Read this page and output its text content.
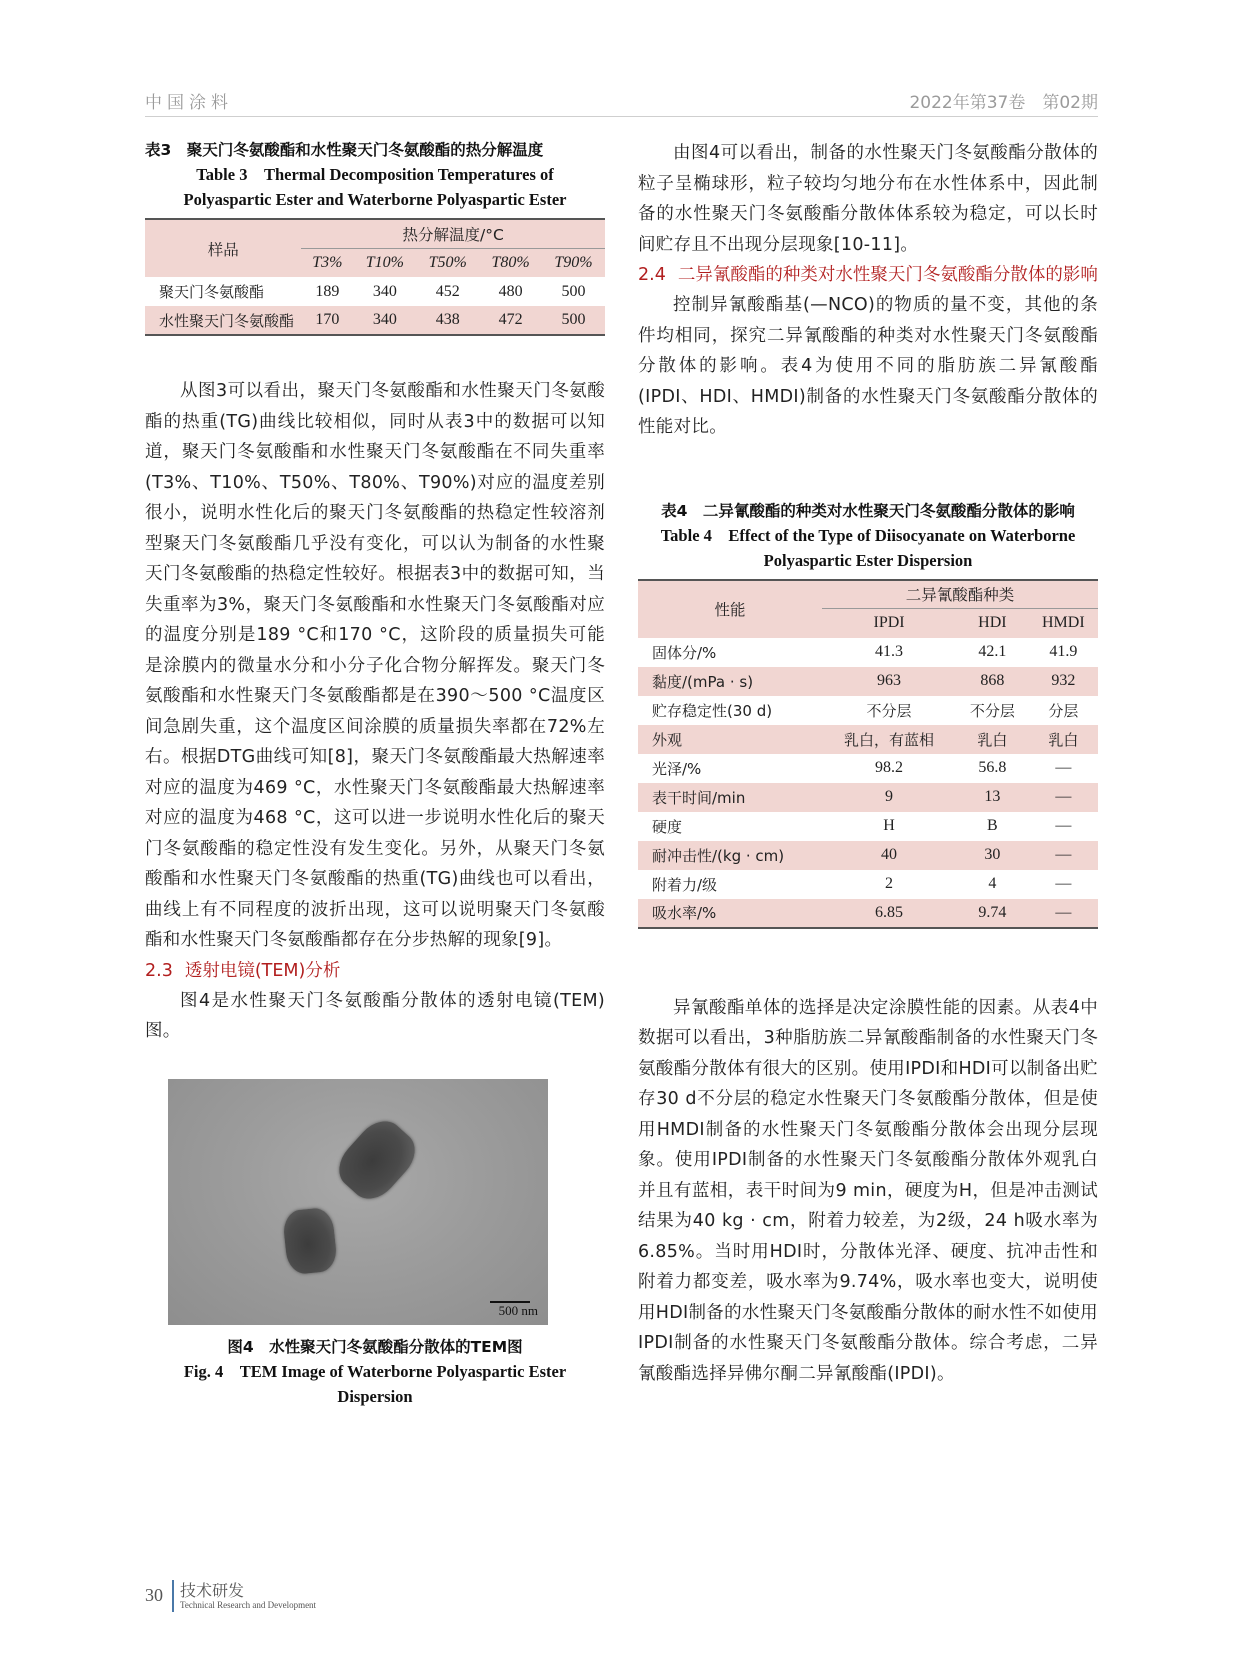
中国涂料	2022年第37卷　第02期
表3　聚天门冬氨酸酯和水性聚天门冬氨酸酯的热分解温度
Table 3　Thermal Decomposition Temperatures of
Polyaspartic Ester and Waterborne Polyaspartic Ester
样品	热分解温度/°C				
	T3%	T10%	T50%	T80%	T90%
聚天门冬氨酸酯	189	340	452	480	500
水性聚天门冬氨酸酯	170	340	438	472	500

从图3可以看出，聚天门冬氨酸酯和水性聚天门冬氨酸酯的热重(TG)曲线比较相似，同时从表3中的数据可以知道，聚天门冬氨酸酯和水性聚天门冬氨酸酯在不同失重率(T3%、T10%、T50%、T80%、T90%)对应的温度差别很小，说明水性化后的聚天门冬氨酸酯的热稳定性较溶剂型聚天门冬氨酸酯几乎没有变化，可以认为制备的水性聚天门冬氨酸酯的热稳定性较好。根据表3中的数据可知，当失重率为3%，聚天门冬氨酸酯和水性聚天门冬氨酸酯对应的温度分别是189 °C和170 °C，这阶段的质量损失可能是涂膜内的微量水分和小分子化合物分解挥发。聚天门冬氨酸酯和水性聚天门冬氨酸酯都是在390～500 °C温度区间急剧失重，这个温度区间涂膜的质量损失率都在72%左右。根据DTG曲线可知[8]，聚天门冬氨酸酯最大热解速率对应的温度为469 °C，水性聚天门冬氨酸酯最大热解速率对应的温度为468 °C，这可以进一步说明水性化后的聚天门冬氨酸酯的稳定性没有发生变化。另外，从聚天门冬氨酸酯和水性聚天门冬氨酸酯的热重(TG)曲线也可以看出，曲线上有不同程度的波折出现，这可以说明聚天门冬氨酸酯和水性聚天门冬氨酸酯都存在分步热解的现象[9]。

2.3 透射电镜(TEM)分析

图4是水性聚天门冬氨酸酯分散体的透射电镜(TEM)图。

500 nm
图4　水性聚天门冬氨酸酯分散体的TEM图
Fig. 4　TEM Image of Waterborne Polyaspartic Ester
Dispersion

由图4可以看出，制备的水性聚天门冬氨酸酯分散体的粒子呈椭球形，粒子较均匀地分布在水性体系中，因此制备的水性聚天门冬氨酸酯分散体体系较为稳定，可以长时间贮存且不出现分层现象[10-11]。

2.4 二异氰酸酯的种类对水性聚天门冬氨酸酯分散体的影响

控制异氰酸酯基(—NCO)的物质的量不变，其他的条件均相同，探究二异氰酸酯的种类对水性聚天门冬氨酸酯分散体的影响。表4为使用不同的脂肪族二异氰酸酯(IPDI、HDI、HMDI)制备的水性聚天门冬氨酸酯分散体的性能对比。

表4　二异氰酸酯的种类对水性聚天门冬氨酸酯分散体的影响
Table 4　Effect of the Type of Diisocyanate on Waterborne
Polyaspartic Ester Dispersion
性能	二异氰酸酯种类		
	IPDI	HDI	HMDI
固体分/%	41.3	42.1	41.9
黏度/(mPa · s)	963	868	932
贮存稳定性(30 d)	不分层	不分层	分层
外观	乳白，有蓝相	乳白	乳白
光泽/%	98.2	56.8	—
表干时间/min	9	13	—
硬度	H	B	—
耐冲击性/(kg · cm)	40	30	—
附着力/级	2	4	—
吸水率/%	6.85	9.74	—

异氰酸酯单体的选择是决定涂膜性能的因素。从表4中数据可以看出，3种脂肪族二异氰酸酯制备的水性聚天门冬氨酸酯分散体有很大的区别。使用IPDI和HDI可以制备出贮存30 d不分层的稳定水性聚天门冬氨酸酯分散体，但是使用HMDI制备的水性聚天门冬氨酸酯分散体会出现分层现象。使用IPDI制备的水性聚天门冬氨酸酯分散体外观乳白并且有蓝相，表干时间为9 min，硬度为H，但是冲击测试结果为40 kg · cm，附着力较差，为2级，24 h吸水率为6.85%。当时用HDI时，分散体光泽、硬度、抗冲击性和附着力都变差，吸水率为9.74%，吸水率也变大，说明使用HDI制备的水性聚天门冬氨酸酯分散体的耐水性不如使用IPDI制备的水性聚天门冬氨酸酯分散体。综合考虑，二异氰酸酯选择异佛尔酮二异氰酸酯(IPDI)。

30 技术研发
Technical Research and Development
